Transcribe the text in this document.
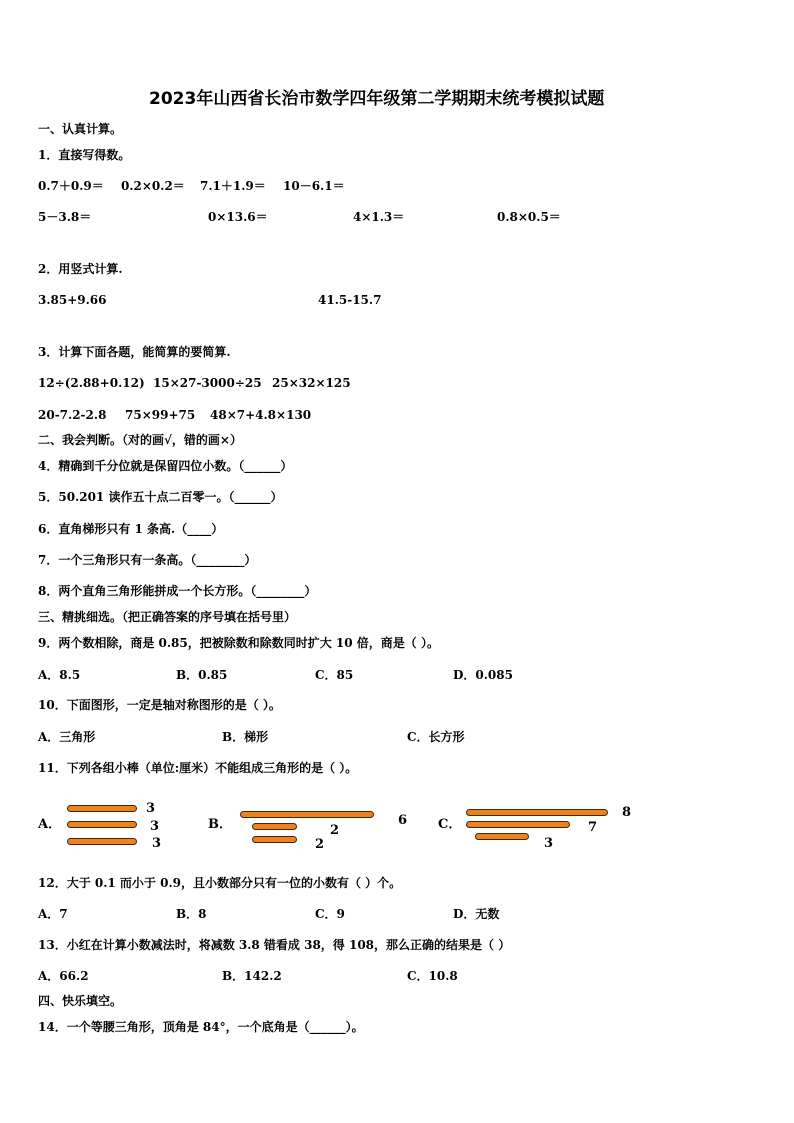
2023年山西省长治市数学四年级第二学期期末统考模拟试题
一、认真计算。
1．直接写得数。
0.7＋0.9＝ 0.2×0.2＝ 7.1＋1.9＝ 10－6.1＝
5－3.8＝	0×13.6＝	4×1.3＝	0.8×0.5＝
2．用竖式计算.
3.85+9.66	41.5-15.7
3．计算下面各题，能简算的要简算.
12÷(2.88+0.12) 15×27-3000÷25 25×32×125
20-7.2-2.8 75×99+75 48×7+4.8×130
二、我会判断。（对的画√，错的画×）
4．精确到千分位就是保留四位小数。（______）
5．50.201 读作五十点二百零一。（______）
6．直角梯形只有 1 条高.（____）
7．一个三角形只有一条高。（________）
8．两个直角三角形能拼成一个长方形。（________）
三、精挑细选。（把正确答案的序号填在括号里）
9．两个数相除，商是 0.85，把被除数和除数同时扩大 10 倍，商是（ ）。
A．8.5	B．0.85	C．85	D．0.085
10．下面图形，一定是轴对称图形的是（ ）。
A．三角形	B．梯形	C．长方形
11．下列各组小棒（单位:厘米）不能组成三角形的是（ ）。
A．
3
3
3
B．	6
2
2
C．
8
7
3
12．大于 0.1 而小于 0.9，且小数部分只有一位的小数有（ ）个。
A．7	B．8	C．9	D．无数
13．小红在计算小数减法时，将减数 3.8 错看成 38，得 108，那么正确的结果是（ ）
A．66.2	B．142.2	C．10.8
四、快乐填空。
14．一个等腰三角形，顶角是 84°，一个底角是（______）。
